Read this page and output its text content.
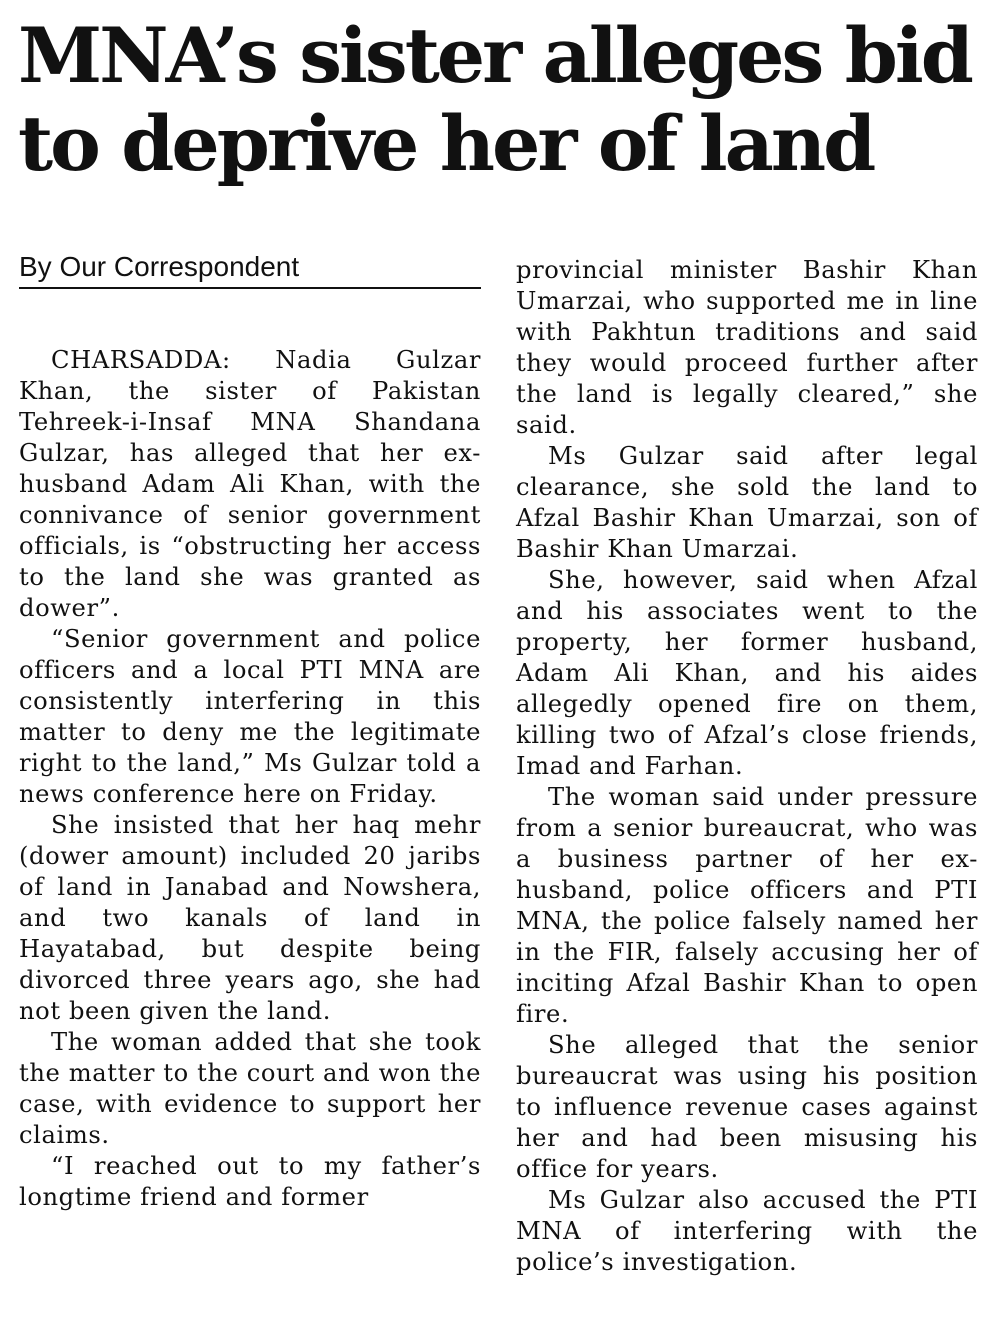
MNA’s sister alleges bid to deprive her of land
By Our Correspondent

CHARSADDA: Nadia Gulzar Khan, the sister of Pakistan Tehreek-i-Insaf MNA Shandana Gulzar, has alleged that her ex-husband Adam Ali Khan, with the connivance of senior government officials, is “obstructing her access to the land she was granted as dower”.

“Senior government and police officers and a local PTI MNA are consistently interfering in this matter to deny me the legitimate right to the land,” Ms Gulzar told a news conference here on Friday.

She insisted that her haq mehr (dower amount) included 20 jaribs of land in Janabad and Nowshera, and two kanals of land in Hayatabad, but despite being divorced three years ago, she had not been given the land.

The woman added that she took the matter to the court and won the case, with evidence to support her claims.

“I reached out to my father’s longtime friend and former

provincial minister Bashir Khan Umarzai, who supported me in line with Pakhtun traditions and said they would proceed further after the land is legally cleared,” she said.

Ms Gulzar said after legal clearance, she sold the land to Afzal Bashir Khan Umarzai, son of Bashir Khan Umarzai.

She, however, said when Afzal and his associates went to the property, her former husband, Adam Ali Khan, and his aides allegedly opened fire on them, killing two of Afzal’s close friends, Imad and Farhan.

The woman said under pressure from a senior bureaucrat, who was a business partner of her ex-husband, police officers and PTI MNA, the police falsely named her in the FIR, falsely accusing her of inciting Afzal Bashir Khan to open fire.

She alleged that the senior bureaucrat was using his position to influence revenue cases against her and had been misusing his office for years.

Ms Gulzar also accused the PTI MNA of interfering with the police’s investigation.
